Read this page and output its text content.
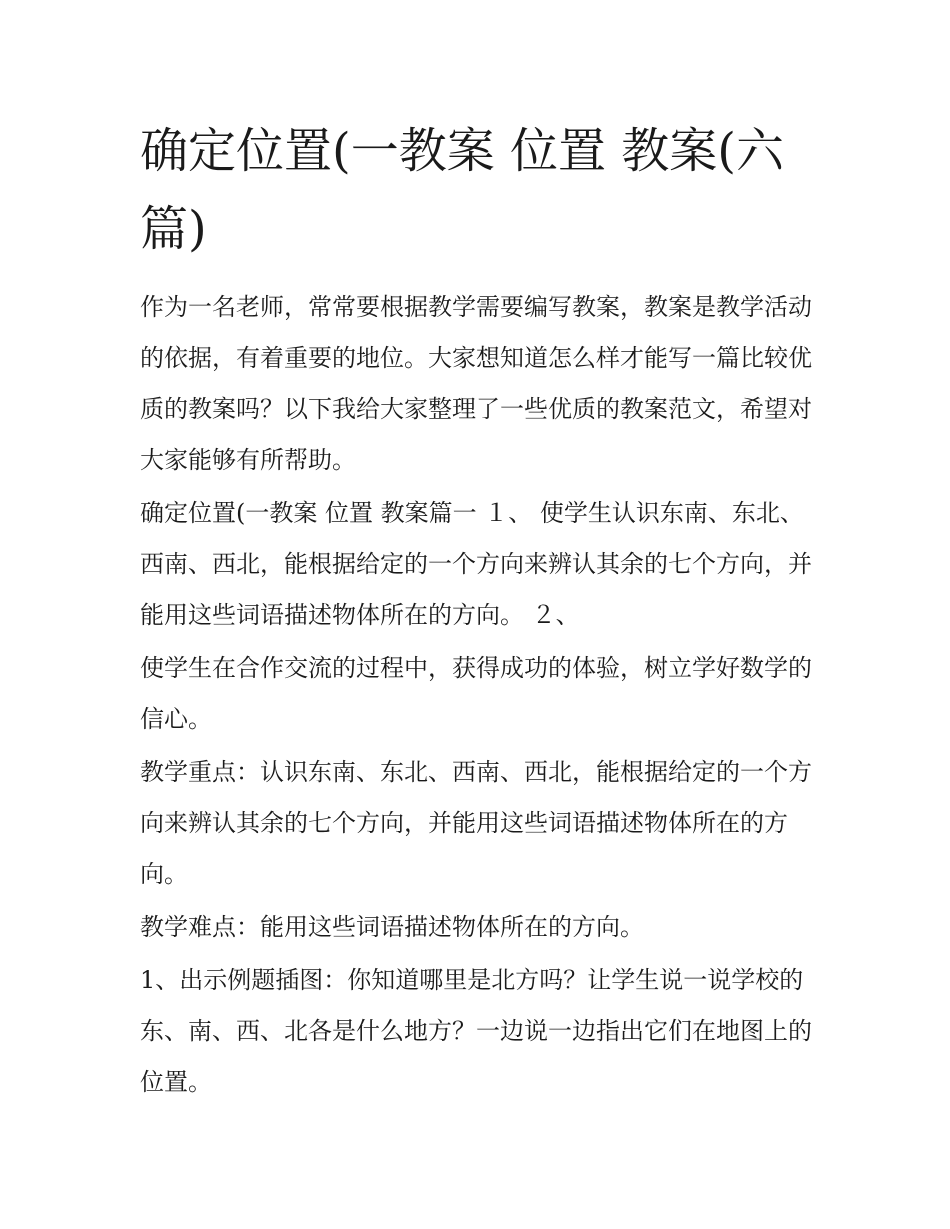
确定位置(一教案 位置 教案(六篇)

作为一名老师，常常要根据教学需要编写教案，教案是教学活动的依据，有着重要的地位。大家想知道怎么样才能写一篇比较优质的教案吗？以下我给大家整理了一些优质的教案范文，希望对大家能够有所帮助。

确定位置(一教案 位置 教案篇一 １、 使学生认识东南、东北、西南、西北，能根据给定的一个方向来辨认其余的七个方向，并能用这些词语描述物体所在的方向。 ２、

使学生在合作交流的过程中，获得成功的体验，树立学好数学的信心。

教学重点：认识东南、东北、西南、西北，能根据给定的一个方向来辨认其余的七个方向，并能用这些词语描述物体所在的方向。

教学难点：能用这些词语描述物体所在的方向。

1、出示例题插图：你知道哪里是北方吗？让学生说一说学校的东、南、西、北各是什么地方？一边说一边指出它们在地图上的位置。
